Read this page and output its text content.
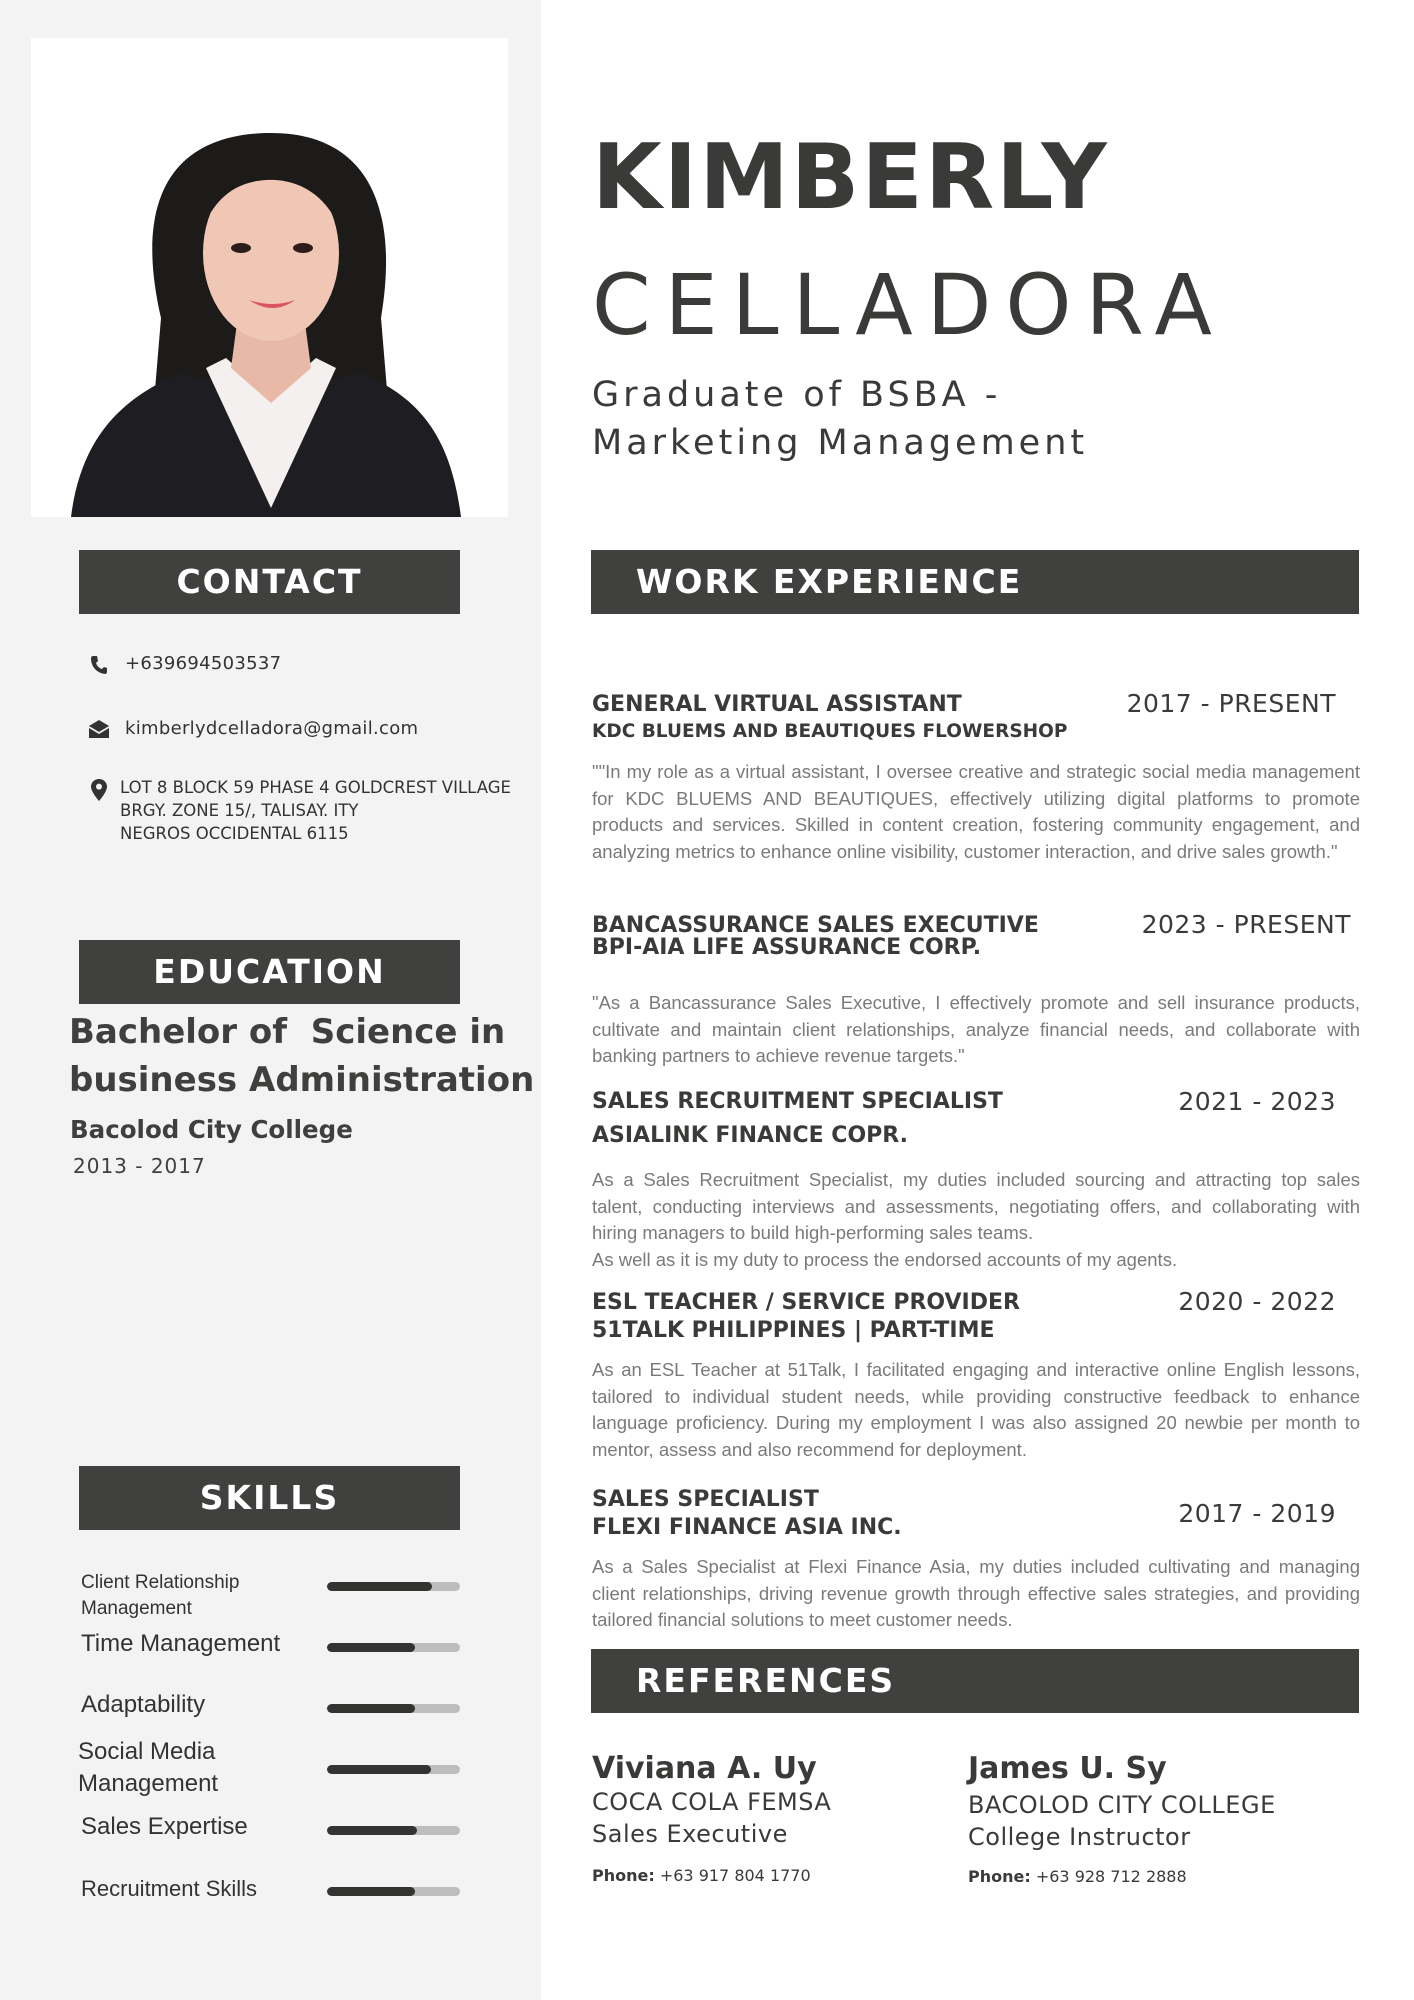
CONTACT
+639694503537
kimberlydcelladora@gmail.com
LOT 8 BLOCK 59 PHASE 4 GOLDCREST VILLAGE
BRGY. ZONE 15/, TALISAY. ITY
NEGROS OCCIDENTAL 6115
EDUCATION
Bachelor of  Science in
business Administration
Bacolod City College
2013 - 2017
SKILLS
Client Relationship Management
Time Management
Adaptability
Social Media Management
Sales Expertise
Recruitment Skills
KIMBERLY
CELLADORA
Graduate of BSBA -
Marketing Management
WORK EXPERIENCE
GENERAL VIRTUAL ASSISTANT	2017 - PRESENT
KDC BLUEMS AND BEAUTIQUES FLOWERSHOP
""In my role as a virtual assistant, I oversee creative and strategic social media management for KDC BLUEMS AND BEAUTIQUES, effectively utilizing digital platforms to promote products and services. Skilled in content creation, fostering community engagement, and analyzing metrics to enhance online visibility, customer interaction, and drive sales growth."
BANCASSURANCE SALES EXECUTIVE	2023 - PRESENT
BPI-AIA LIFE ASSURANCE CORP.
"As a Bancassurance Sales Executive, I effectively promote and sell insurance products, cultivate and maintain client relationships, analyze financial needs, and collaborate with banking partners to achieve revenue targets."
SALES RECRUITMENT SPECIALIST	2021 - 2023
ASIALINK FINANCE COPR.
As a Sales Recruitment Specialist, my duties included sourcing and attracting top sales talent, conducting interviews and assessments, negotiating offers, and collaborating with hiring managers to build high-performing sales teams.
As well as it is my duty to process the endorsed accounts of my agents.
ESL TEACHER / SERVICE PROVIDER	2020 - 2022
51TALK PHILIPPINES | PART-TIME
As an ESL Teacher at 51Talk, I facilitated engaging and interactive online English lessons, tailored to individual student needs, while providing constructive feedback to enhance language proficiency. During my employment I was also assigned 20 newbie per month to mentor, assess and also recommend for deployment.
SALES SPECIALIST	2017 - 2019
FLEXI FINANCE ASIA INC.
As a Sales Specialist at Flexi Finance Asia, my duties included cultivating and managing client relationships, driving revenue growth through effective sales strategies, and providing tailored financial solutions to meet customer needs.
REFERENCES
Viviana A. Uy
COCA COLA FEMSA
Sales Executive
Phone: +63 917 804 1770
James U. Sy
BACOLOD CITY COLLEGE
College Instructor
Phone: +63 928 712 2888
